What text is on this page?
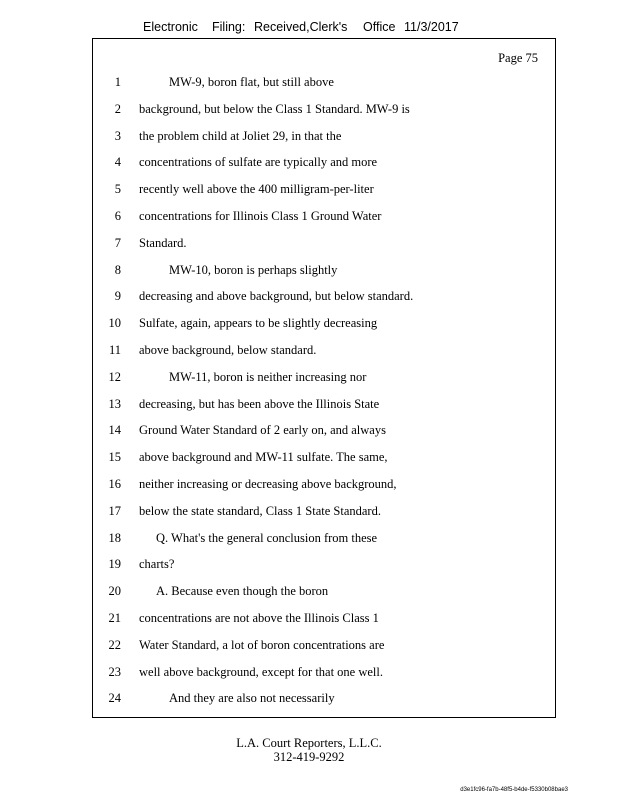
Electronic Filing: Received,Clerk's Office 11/3/2017
Page 75
1	MW-9, boron flat, but still above
2 background, but below the Class 1 Standard. MW-9 is
3 the problem child at Joliet 29, in that the
4 concentrations of sulfate are typically and more
5 recently well above the 400 milligram-per-liter
6 concentrations for Illinois Class 1 Ground Water
7 Standard.
8	MW-10, boron is perhaps slightly
9 decreasing and above background, but below standard.
10 Sulfate, again, appears to be slightly decreasing
11 above background, below standard.
12	MW-11, boron is neither increasing nor
13 decreasing, but has been above the Illinois State
14 Ground Water Standard of 2 early on, and always
15 above background and MW-11 sulfate. The same,
16 neither increasing or decreasing above background,
17 below the state standard, Class 1 State Standard.
18	Q. What's the general conclusion from these
19 charts?
20	A. Because even though the boron
21 concentrations are not above the Illinois Class 1
22 Water Standard, a lot of boron concentrations are
23 well above background, except for that one well.
24	And they are also not necessarily
L.A. Court Reporters, L.L.C.
312-419-9292
d3e1fc96-fa7b-48f5-b4de-f5330b08bae3
